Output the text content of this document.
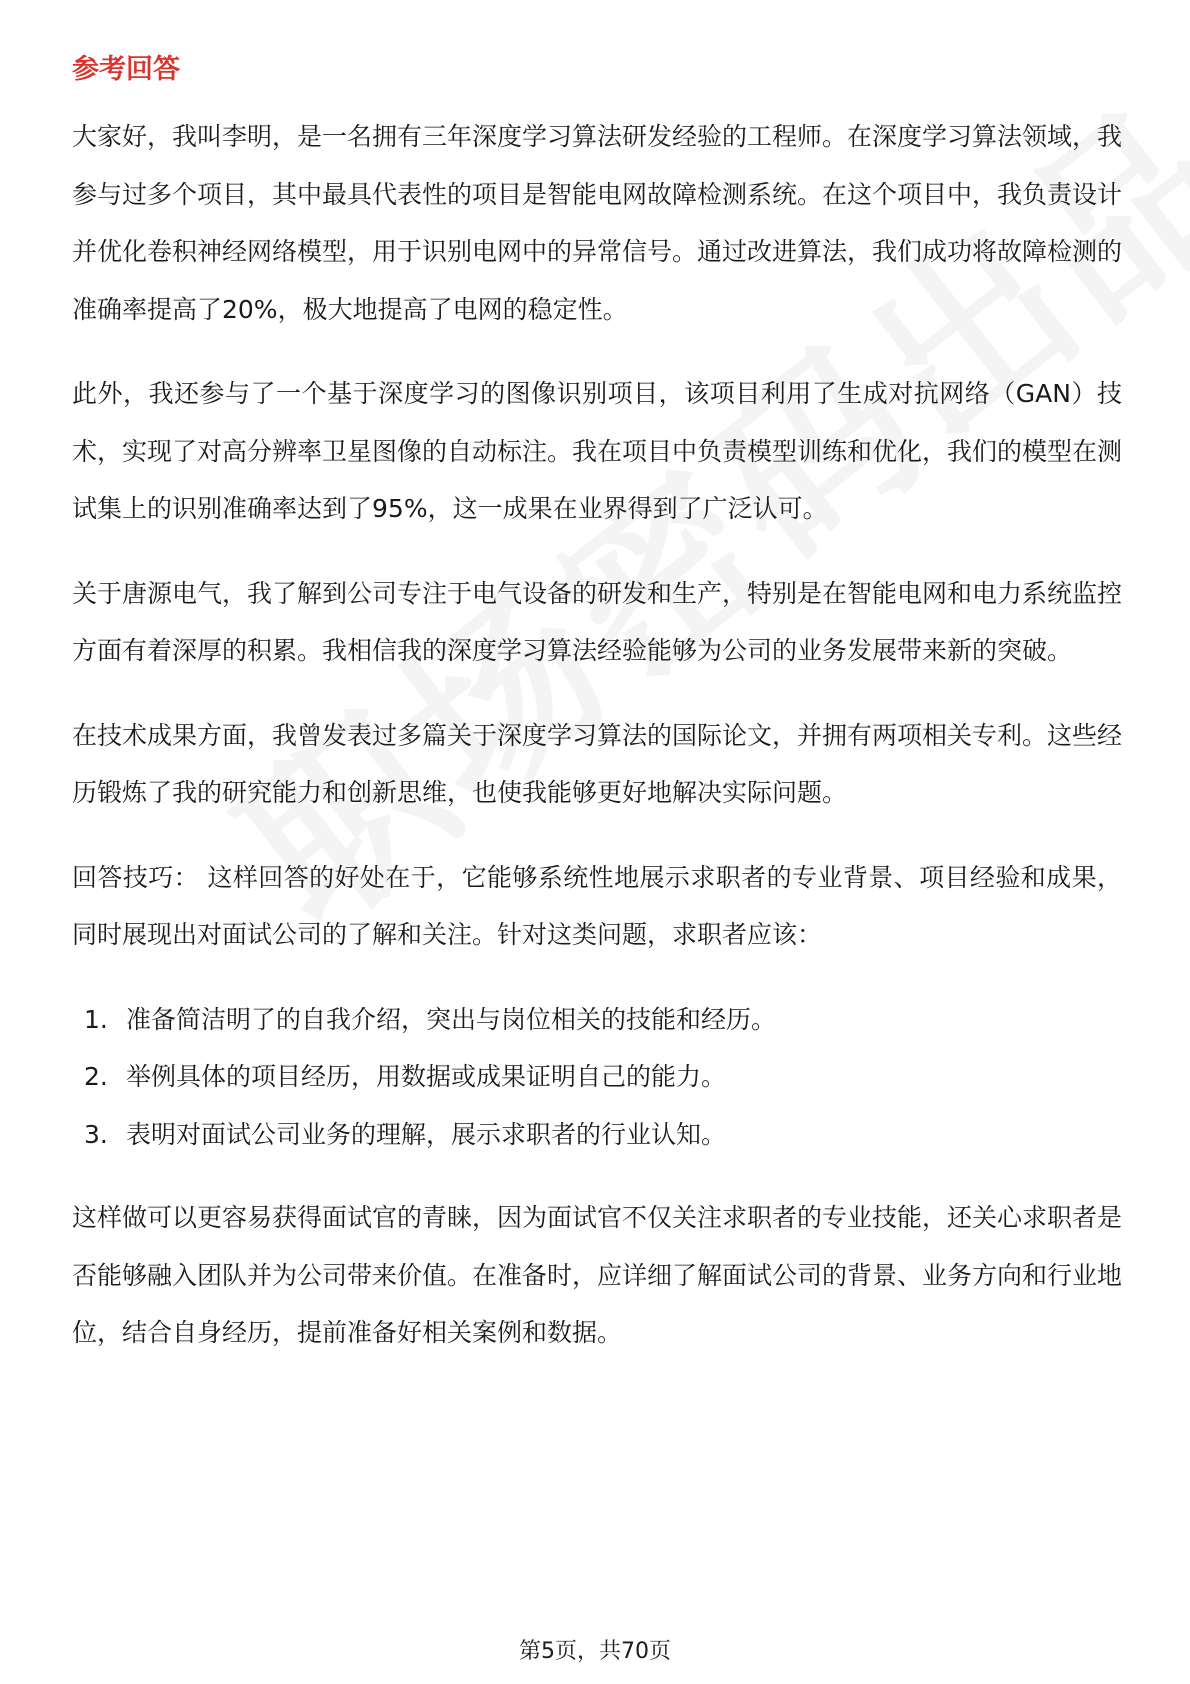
参考回答

大家好，我叫李明，是一名拥有三年深度学习算法研发经验的工程师。在深度学习算法领域，我参与过多个项目，其中最具代表性的项目是智能电网故障检测系统。在这个项目中，我负责设计并优化卷积神经网络模型，用于识别电网中的异常信号。通过改进算法，我们成功将故障检测的准确率提高了20%，极大地提高了电网的稳定性。

此外，我还参与了一个基于深度学习的图像识别项目，该项目利用了生成对抗网络（GAN）技术，实现了对高分辨率卫星图像的自动标注。我在项目中负责模型训练和优化，我们的模型在测试集上的识别准确率达到了95%，这一成果在业界得到了广泛认可。

关于唐源电气，我了解到公司专注于电气设备的研发和生产，特别是在智能电网和电力系统监控方面有着深厚的积累。我相信我的深度学习算法经验能够为公司的业务发展带来新的突破。

在技术成果方面，我曾发表过多篇关于深度学习算法的国际论文，并拥有两项相关专利。这些经历锻炼了我的研究能力和创新思维，也使我能够更好地解决实际问题。

回答技巧： 这样回答的好处在于，它能够系统性地展示求职者的专业背景、项目经验和成果，同时展现出对面试公司的了解和关注。针对这类问题，求职者应该：

1. 准备简洁明了的自我介绍，突出与岗位相关的技能和经历。
2. 举例具体的项目经历，用数据或成果证明自己的能力。
3. 表明对面试公司业务的理解，展示求职者的行业认知。

这样做可以更容易获得面试官的青睐，因为面试官不仅关注求职者的专业技能，还关心求职者是否能够融入团队并为公司带来价值。在准备时，应详细了解面试公司的背景、业务方向和行业地位，结合自身经历，提前准备好相关案例和数据。

第5页，共70页
